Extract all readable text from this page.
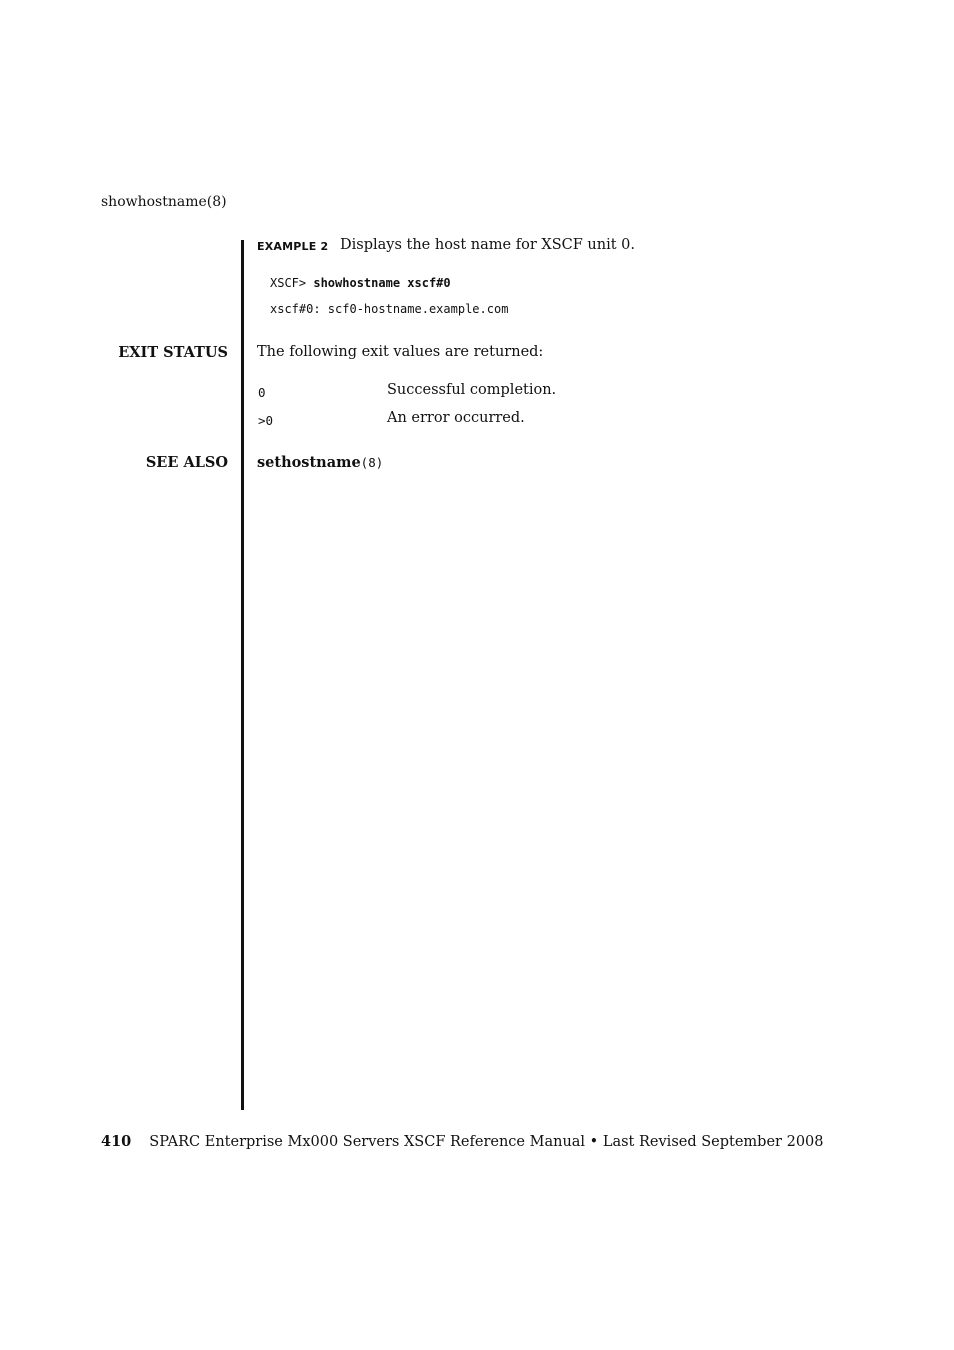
showhostname(8)
EXAMPLE 2 Displays the host name for XSCF unit 0.
XSCF> showhostname xscf#0
xscf#0: scf0-hostname.example.com
EXIT STATUS The following exit values are returned:
0	Successful completion.
>0	An error occurred.
SEE ALSO sethostname(8)
410 SPARC Enterprise Mx000 Servers XSCF Reference Manual • Last Revised September 2008
